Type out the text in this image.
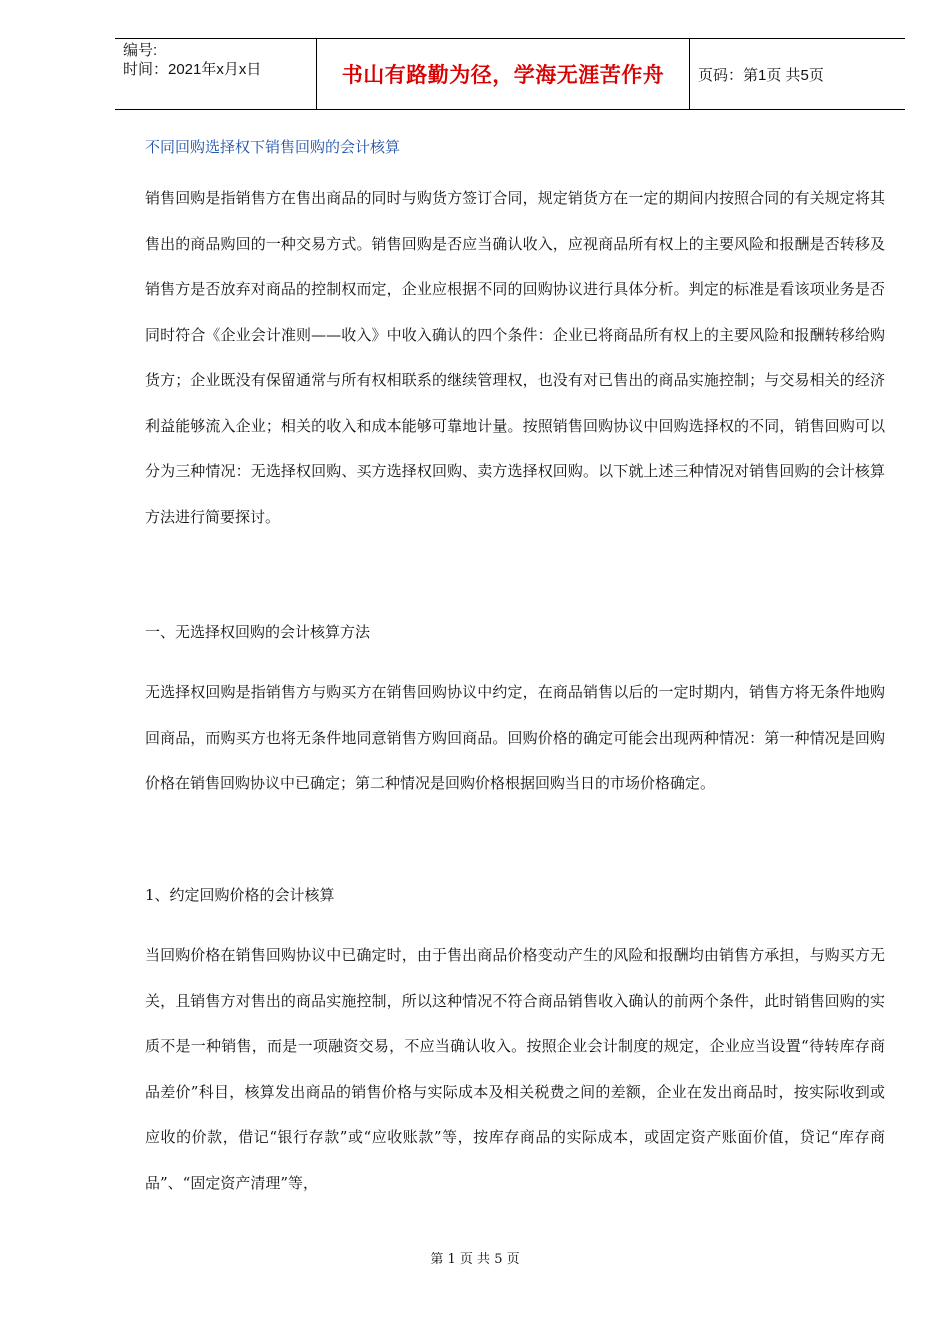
编号:
时间：2021年x月x日	书山有路勤为径，学海无涯苦作舟 页码：第1页 共5页
不同回购选择权下销售回购的会计核算

销售回购是指销售方在售出商品的同时与购货方签订合同，规定销货方在一定的期间内按照合同的有关规定将其售出的商品购回的一种交易方式。销售回购是否应当确认收入，应视商品所有权上的主要风险和报酬是否转移及销售方是否放弃对商品的控制权而定，企业应根据不同的回购协议进行具体分析。判定的标准是看该项业务是否同时符合《企业会计准则——收入》中收入确认的四个条件：企业已将商品所有权上的主要风险和报酬转移给购货方；企业既没有保留通常与所有权相联系的继续管理权，也没有对已售出的商品实施控制；与交易相关的经济利益能够流入企业；相关的收入和成本能够可靠地计量。按照销售回购协议中回购选择权的不同，销售回购可以分为三种情况：无选择权回购、买方选择权回购、卖方选择权回购。以下就上述三种情况对销售回购的会计核算方法进行简要探讨。

一、无选择权回购的会计核算方法

无选择权回购是指销售方与购买方在销售回购协议中约定，在商品销售以后的一定时期内，销售方将无条件地购回商品，而购买方也将无条件地同意销售方购回商品。回购价格的确定可能会出现两种情况：第一种情况是回购价格在销售回购协议中已确定；第二种情况是回购价格根据回购当日的市场价格确定。

1、约定回购价格的会计核算

当回购价格在销售回购协议中已确定时，由于售出商品价格变动产生的风险和报酬均由销售方承担，与购买方无关，且销售方对售出的商品实施控制，所以这种情况不符合商品销售收入确认的前两个条件，此时销售回购的实质不是一种销售，而是一项融资交易，不应当确认收入。按照企业会计制度的规定，企业应当设置“待转库存商品差价”科目，核算发出商品的销售价格与实际成本及相关税费之间的差额，企业在发出商品时，按实际收到或应收的价款，借记“银行存款”或“应收账款”等，按库存商品的实际成本，或固定资产账面价值，贷记“库存商品”、“固定资产清理”等，

第 1 页 共 5 页
